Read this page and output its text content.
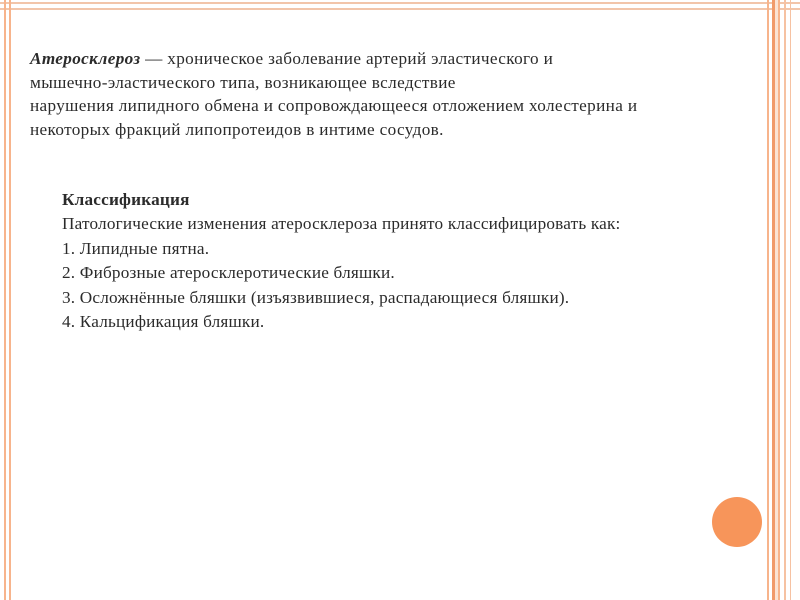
Атеросклероз — хроническое заболевание артерий эластического и
мышечно-эластического типа, возникающее вследствие
нарушения липидного обмена и сопровождающееся отложением холестерина и
некоторых фракций липопротеидов в интиме сосудов.

Классификация
Патологические изменения атеросклероза принято классифицировать как:
1. Липидные пятна.
2. Фиброзные атеросклеротические бляшки.
3. Осложнённые бляшки (изъязвившиеся, распадающиеся бляшки).
4. Кальцификация бляшки.
